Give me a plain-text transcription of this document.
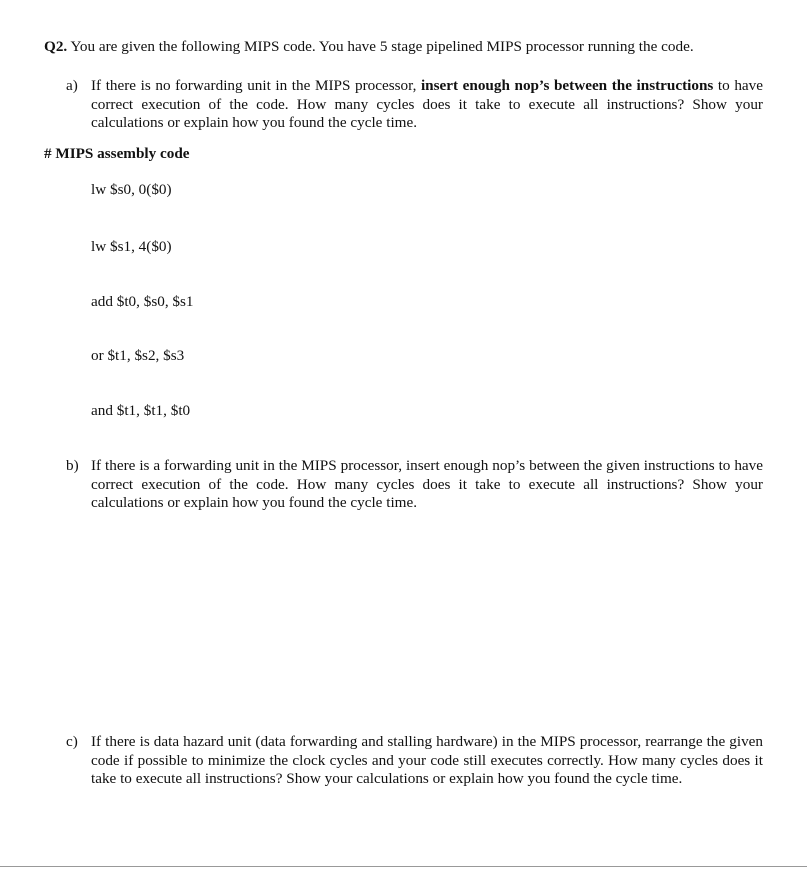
Q2. You are given the following MIPS code. You have 5 stage pipelined MIPS processor running the code.
a) If there is no forwarding unit in the MIPS processor, insert enough nop’s between the instructions to have correct execution of the code. How many cycles does it take to execute all instructions? Show your calculations or explain how you found the cycle time.
# MIPS assembly code
lw $s0, 0($0)
lw $s1, 4($0)
add $t0, $s0, $s1
or $t1, $s2, $s3
and $t1, $t1, $t0
b) If there is a forwarding unit in the MIPS processor, insert enough nop’s between the given instructions to have correct execution of the code. How many cycles does it take to execute all instructions? Show your calculations or explain how you found the cycle time.
c) If there is data hazard unit (data forwarding and stalling hardware) in the MIPS processor, rearrange the given code if possible to minimize the clock cycles and your code still executes correctly. How many cycles does it take to execute all instructions? Show your calculations or explain how you found the cycle time.
